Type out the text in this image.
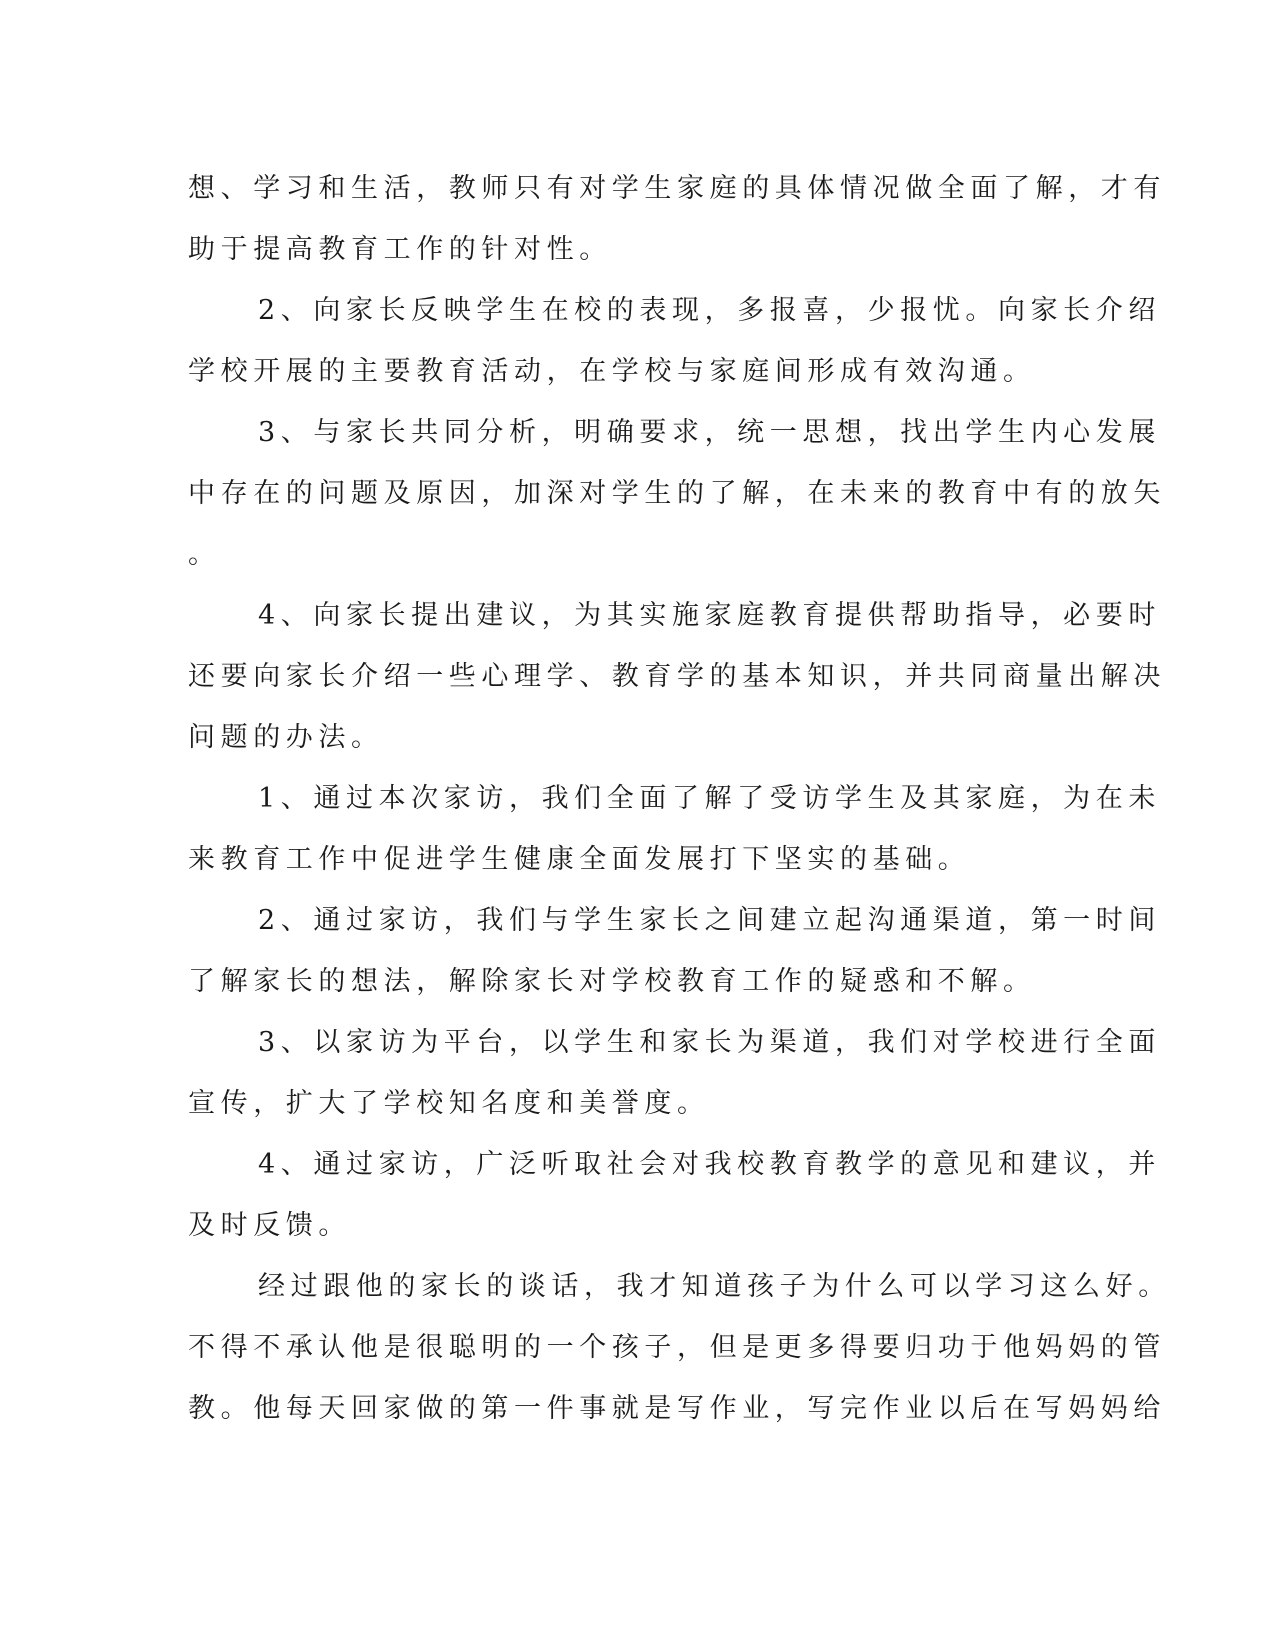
想、学习和生活，教师只有对学生家庭的具体情况做全面了解，才有
助于提高教育工作的针对性。
2、向家长反映学生在校的表现，多报喜，少报忧。向家长介绍
学校开展的主要教育活动，在学校与家庭间形成有效沟通。
3、与家长共同分析，明确要求，统一思想，找出学生内心发展
中存在的问题及原因，加深对学生的了解，在未来的教育中有的放矢
。
4、向家长提出建议，为其实施家庭教育提供帮助指导，必要时
还要向家长介绍一些心理学、教育学的基本知识，并共同商量出解决
问题的办法。
1、通过本次家访，我们全面了解了受访学生及其家庭，为在未
来教育工作中促进学生健康全面发展打下坚实的基础。
2、通过家访，我们与学生家长之间建立起沟通渠道，第一时间
了解家长的想法，解除家长对学校教育工作的疑惑和不解。
3、以家访为平台，以学生和家长为渠道，我们对学校进行全面
宣传，扩大了学校知名度和美誉度。
4、通过家访，广泛听取社会对我校教育教学的意见和建议，并
及时反馈。
经过跟他的家长的谈话，我才知道孩子为什么可以学习这么好。
不得不承认他是很聪明的一个孩子，但是更多得要归功于他妈妈的管
教。他每天回家做的第一件事就是写作业，写完作业以后在写妈妈给
